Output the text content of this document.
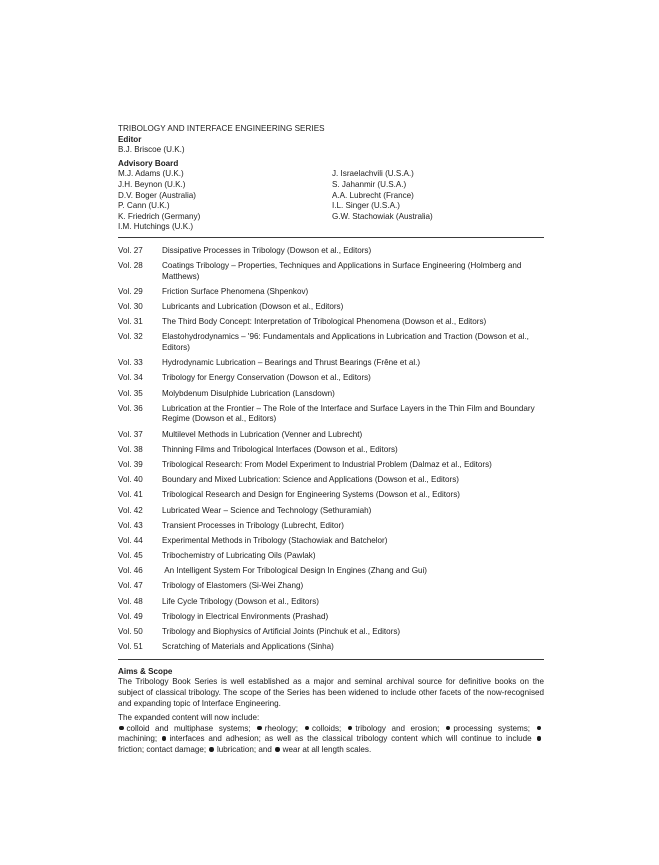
TRIBOLOGY AND INTERFACE ENGINEERING SERIES
Editor
B.J. Briscoe (U.K.)
Advisory Board
M.J. Adams (U.K.)	J. Israelachvili (U.S.A.)
J.H. Beynon (U.K.)	S. Jahanmir (U.S.A.)
D.V. Boger (Australia)	A.A. Lubrecht (France)
P. Cann (U.K.)	I.L. Singer (U.S.A.)
K. Friedrich (Germany)	G.W. Stachowiak (Australia)
I.M. Hutchings (U.K.)
Vol. 27	Dissipative Processes in Tribology (Dowson et al., Editors)
Vol. 28	Coatings Tribology – Properties, Techniques and Applications in Surface Engineering (Holmberg and Matthews)
Vol. 29	Friction Surface Phenomena (Shpenkov)
Vol. 30	Lubricants and Lubrication (Dowson et al., Editors)
Vol. 31	The Third Body Concept: Interpretation of Tribological Phenomena (Dowson et al., Editors)
Vol. 32	Elastohydrodynamics – '96: Fundamentals and Applications in Lubrication and Traction (Dowson et al., Editors)
Vol. 33	Hydrodynamic Lubrication – Bearings and Thrust Bearings (Frêne et al.)
Vol. 34	Tribology for Energy Conservation (Dowson et al., Editors)
Vol. 35	Molybdenum Disulphide Lubrication (Lansdown)
Vol. 36	Lubrication at the Frontier – The Role of the Interface and Surface Layers in the Thin Film and Boundary Regime (Dowson et al., Editors)
Vol. 37	Multilevel Methods in Lubrication (Venner and Lubrecht)
Vol. 38	Thinning Films and Tribological Interfaces (Dowson et al., Editors)
Vol. 39	Tribological Research: From Model Experiment to Industrial Problem (Dalmaz et al., Editors)
Vol. 40	Boundary and Mixed Lubrication: Science and Applications (Dowson et al., Editors)
Vol. 41	Tribological Research and Design for Engineering Systems (Dowson et al., Editors)
Vol. 42	Lubricated Wear – Science and Technology (Sethuramiah)
Vol. 43	Transient Processes in Tribology (Lubrecht, Editor)
Vol. 44	Experimental Methods in Tribology (Stachowiak and Batchelor)
Vol. 45	Tribochemistry of Lubricating Oils (Pawlak)
Vol. 46	An Intelligent System For Tribological Design In Engines (Zhang and Gui)
Vol. 47	Tribology of Elastomers (Si-Wei Zhang)
Vol. 48	Life Cycle Tribology (Dowson et al., Editors)
Vol. 49	Tribology in Electrical Environments (Prashad)
Vol. 50	Tribology and Biophysics of Artificial Joints (Pinchuk et al., Editors)
Vol. 51	Scratching of Materials and Applications (Sinha)
Aims & Scope

The Tribology Book Series is well established as a major and seminal archival source for definitive books on the subject of classical tribology. The scope of the Series has been widened to include other facets of the now-recognised and expanding topic of Interface Engineering.

The expanded content will now include:

colloid and multiphase systems; rheology; colloids; tribology and erosion; processing systems; machining; interfaces and adhesion; as well as the classical tribology content which will continue to include friction; contact damage; lubrication; and wear at all length scales.
